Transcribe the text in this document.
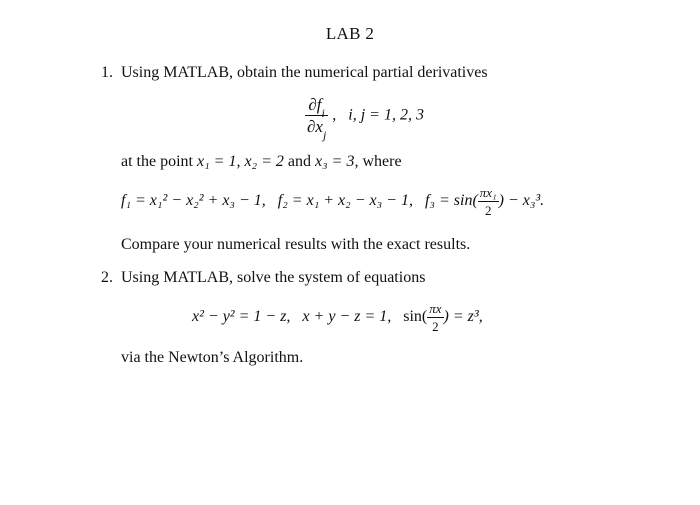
LAB 2
1. Using MATLAB, obtain the numerical partial derivatives
$\frac{\partial f_i}{\partial x_j}$ ,   i, j = 1, 2, 3
at the point x₁ = 1, x₂ = 2 and x₃ = 3, where
f₁ = x₁² − x₂² + x₃ − 1, f₂ = x₁ + x₂ − x₃ − 1, $f_3 = \sin( \frac{\text{πx₁}}{2}$ ) − x₃³.
Compare your numerical results with the exact results.
2. Using MATLAB, solve the system of equations
x² − y² = 1 − z, x + y − z = 1, $\sin( \frac{\pi x}{2}$ ) = z³,
via the Newton’s Algorithm.
